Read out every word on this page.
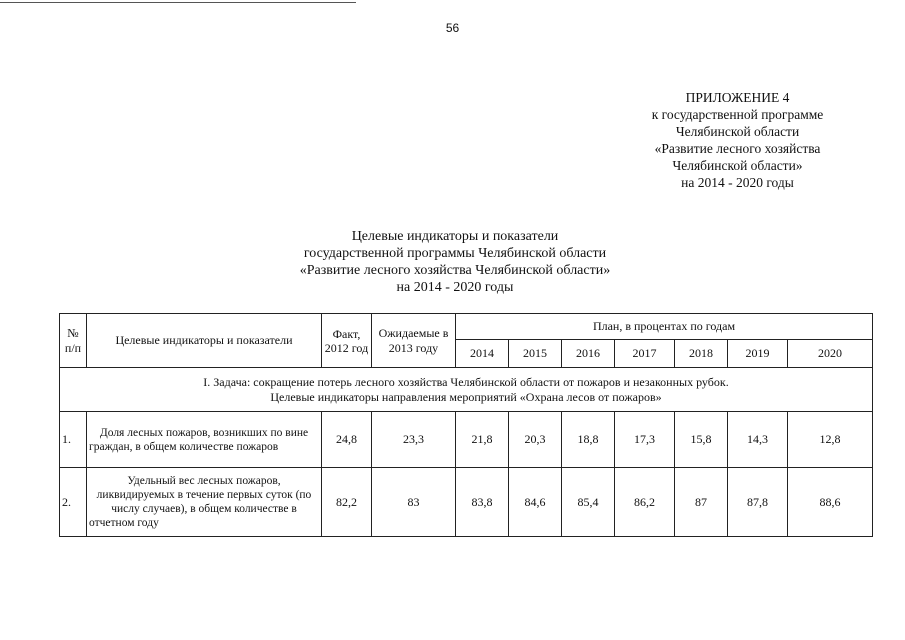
56
ПРИЛОЖЕНИЕ 4
к государственной программе
Челябинской области
«Развитие лесного хозяйства
Челябинской области»
на 2014 - 2020 годы
Целевые индикаторы и показатели
государственной программы Челябинской области
«Развитие лесного хозяйства Челябинской области»
на 2014 - 2020 годы
№ п/п	Целевые индикаторы и показатели	Факт, 2012 год	Ожидаемые в 2013 году	План, в процентах по годам						
				2014	2015	2016	2017	2018	2019	2020

I. Задача: сокращение потерь лесного хозяйства Челябинской области от пожаров и незаконных рубок.
Целевые индикаторы направления мероприятий «Охрана лесов от пожаров»										

1.	Доля лесных пожаров, возникших по вине граждан, в общем количестве пожаров	24,8	23,3	21,8	20,3	18,8	17,3	15,8	14,3	12,8
2.	Удельный вес лесных пожаров, ликвидируемых в течение первых суток (по числу случаев), в общем количестве в отчетном году	82,2	83	83,8	84,6	85,4	86,2	87	87,8	88,6
